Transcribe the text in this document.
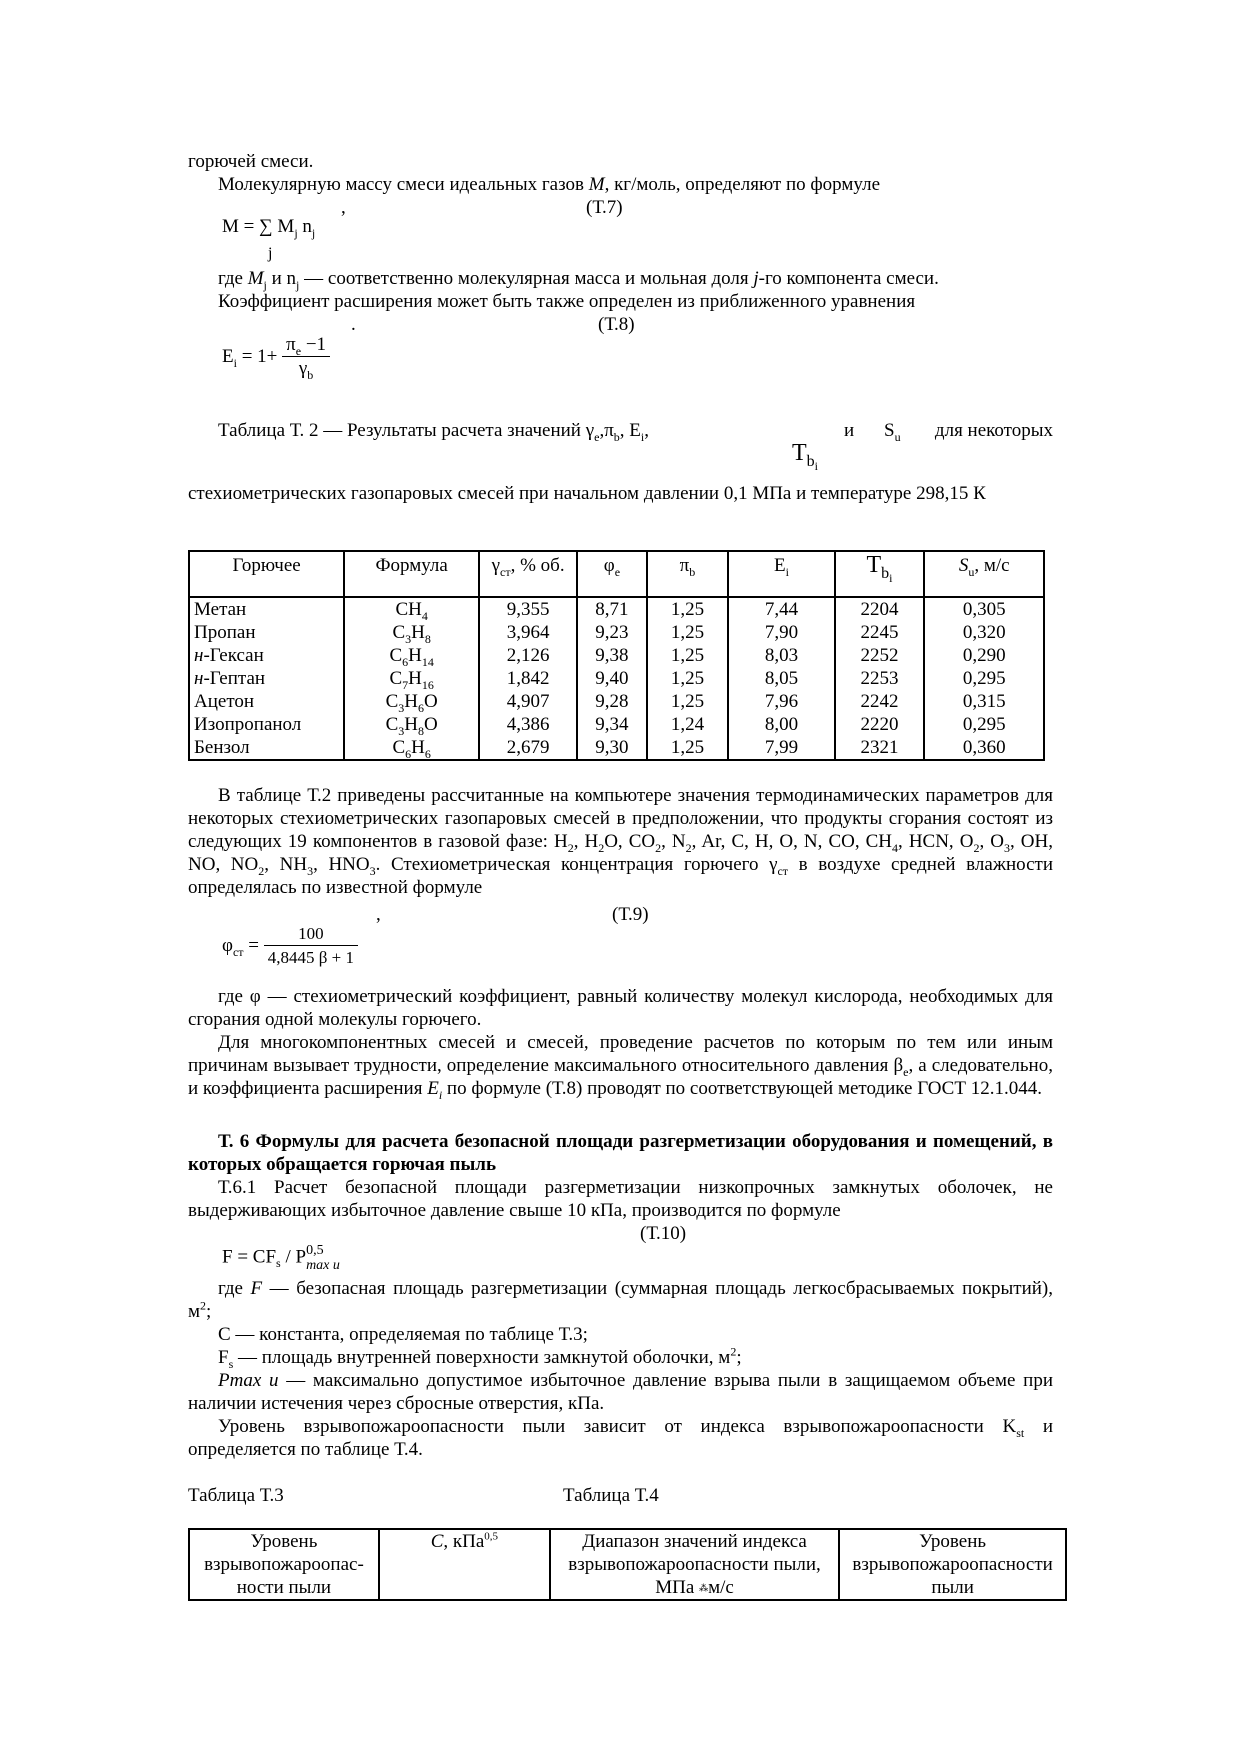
горючей смеси.
Молекулярную массу смеси идеальных газов M, кг/моль, определяют по формуле
,	(Т.7)
M = ∑ $M_j$ $n_j$
j
где $M_j$ и $n_j$ — соответственно молекулярная масса и мольная доля j-го компонента смеси.
Коэффициент расширения может быть также определен из приближенного уравнения
.	(Т.8)
$E_i = 1+ \frac{\pi_e -1}{\gamma_b}$
Таблица Т. 2 — Результаты расчета значений $\gamma_e,\pi_b$, $E_i$,	и $S_u$	для некоторых
$T_{b_i}$
стехиометрических газопаровых смесей при начальном давлении 0,1 МПа и температуре 298,15 К
Горючее	Формула	$\gamma_{ст}$, % об.	$\varphi_e$	$\pi_b$	$E_i$	$T_{b_i}$	$S_u$, м/с
Метан	$CH_4$	9,355	8,71	1,25	7,44	2204	0,305
Пропан	$C_3H_8$	3,964	9,23	1,25	7,90	2245	0,320
н-Гексан	$C_6H_{14}$	2,126	9,38	1,25	8,03	2252	0,290
н-Гептан	$C_7H_{16}$	1,842	9,40	1,25	8,05	2253	0,295
Ацетон	$C_3H_6O$	4,907	9,28	1,25	7,96	2242	0,315
Изопропанол	$C_3H_8O$	4,386	9,34	1,24	8,00	2220	0,295
Бензол	$C_6H_6$	2,679	9,30	1,25	7,99	2321	0,360
В таблице Т.2 приведены рассчитанные на компьютере значения термодинамических параметров для некоторых стехиометрических газопаровых смесей в предположении, что продукты сгорания состоят из следующих 19 компонентов в газовой фазе: $H_2$, $H_2O$, $CO_2$, $N_2$, Ar, C, H, O, N, CO, $CH_4$, HCN, $O_2$, $O_3$, OH, NO, $NO_2$, $NH_3$, $HNO_3$. Стехиометрическая концентрация горючего $\gamma_{ст}$ в воздухе средней влажности определялась по известной формуле
,	(Т.9)
$\varphi_{ст} = \frac{100}{4,8445 \beta + 1}$
где φ — стехиометрический коэффициент, равный количеству молекул кислорода, необходимых для сгорания одной молекулы горючего.
Для многокомпонентных смесей и смесей, проведение расчетов по которым по тем или иным причинам вызывает трудности, определение максимального относительного давления $\beta_e$, а следовательно, и коэффициента расширения $E_i$ по формуле (Т.8) проводят по соответствующей методике ГОСТ 12.1.044.
Т. 6 Формулы для расчета безопасной площади разгерметизации оборудования и помещений, в которых обращается горючая пыль
Т.6.1 Расчет безопасной площади разгерметизации низкопрочных замкнутых оболочек, не выдерживающих избыточное давление свыше 10 кПа, производится по формуле
(Т.10)
$F = CF_s / P$ 0,5
max u
где F — безопасная площадь разгерметизации (суммарная площадь легкосбрасываемых покрытий), $м^2$;
C — константа, определяемая по таблице Т.3;
$F_s$ — площадь внутренней поверхности замкнутой оболочки, $м^2$;
Pmax u — максимально допустимое избыточное давление взрыва пыли в защищаемом объеме при наличии истечения через сбросные отверстия, кПа.
Уровень взрывопожароопасности пыли зависит от индекса взрывопожароопасности $K_{st}$ и определяется по таблице Т.4.
Таблица Т.3	Таблица Т.4
Уровень взрывопожароопасности пыли	C, кПа$^{0,5}$	Диапазон значений индекса взрывопожароопасности пыли, МПа ⁂м/с	Уровень взрывопожароопасности пыли
